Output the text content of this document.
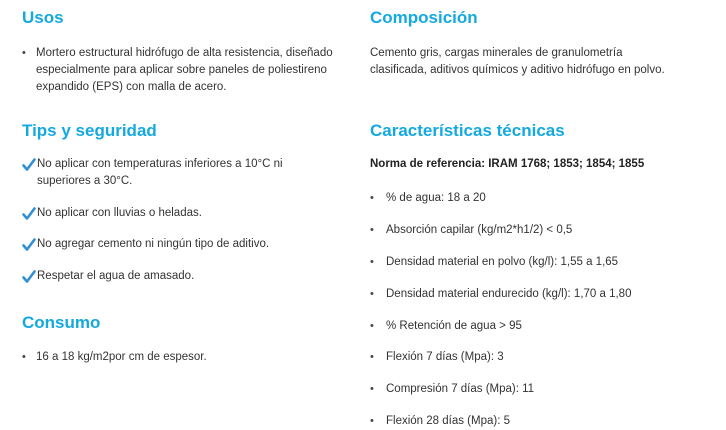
Usos

• Mortero estructural hidrófugo de alta resistencia, diseñado especialmente para aplicar sobre paneles de poliestireno expandido (EPS) con malla de acero.

Tips y seguridad

No aplicar con temperaturas inferiores a 10°C ni superiores a 30°C.

No aplicar con lluvias o heladas.

No agregar cemento ni ningún tipo de aditivo.

Respetar el agua de amasado.

Consumo

• 16 a 18 kg/m2por cm de espesor.

Composición

Cemento gris, cargas minerales de granulometría clasificada, aditivos químicos y aditivo hidrófugo en polvo.

Características técnicas

Norma de referencia: IRAM 1768; 1853; 1854; 1855

• % de agua: 18 a 20

• Absorción capilar (kg/m2*h1/2) < 0,5

• Densidad material en polvo (kg/l): 1,55 a 1,65

• Densidad material endurecido (kg/l): 1,70 a 1,80

• % Retención de agua > 95

• Flexión 7 días (Mpa): 3

• Compresión 7 días (Mpa): 11

• Flexión 28 días (Mpa): 5
